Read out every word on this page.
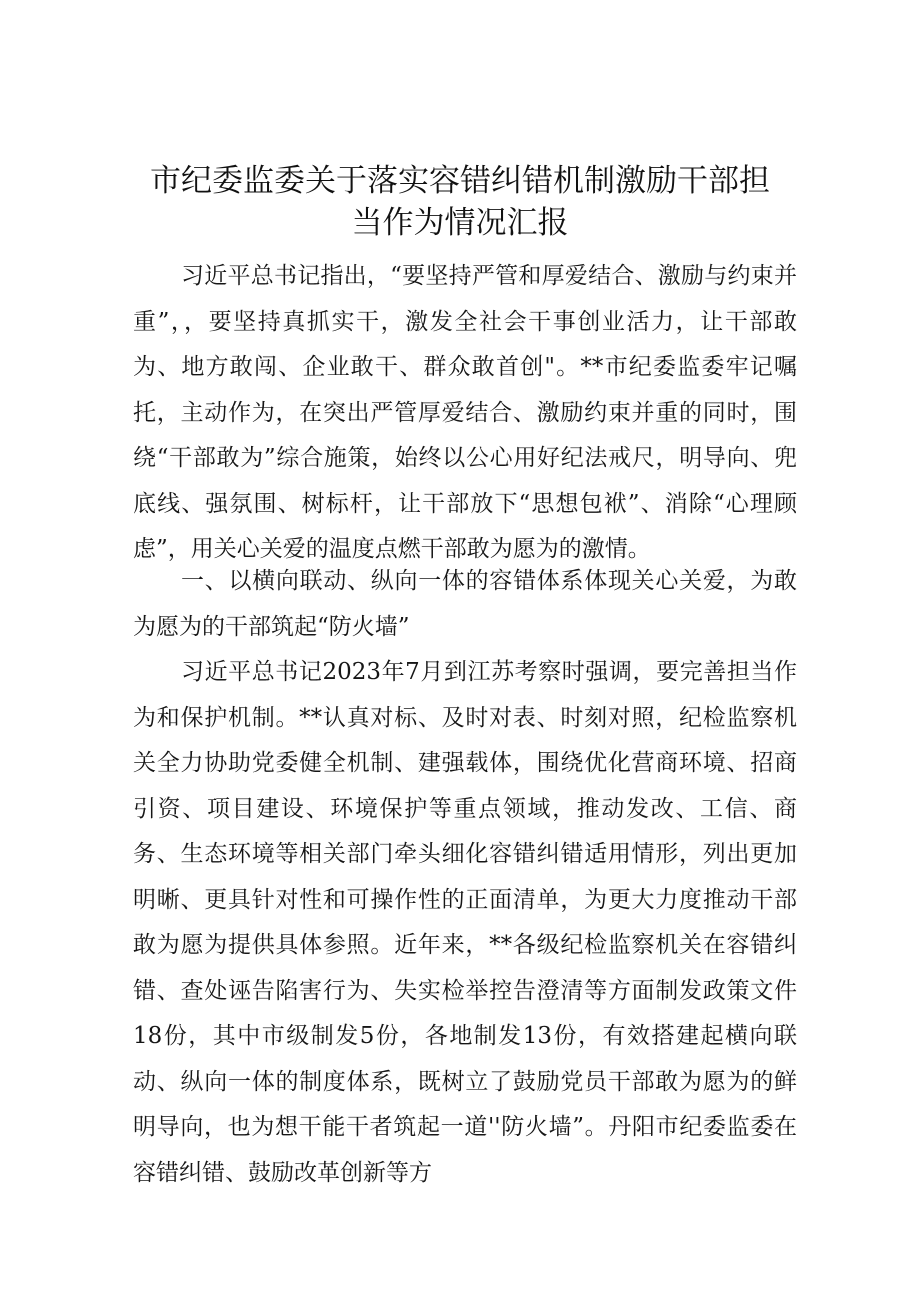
市纪委监委关于落实容错纠错机制激励干部担
当作为情况汇报

习近平总书记指出，“要坚持严管和厚爱结合、激励与约束并重”，，要坚持真抓实干，激发全社会干事创业活力，让干部敢为、地方敢闯、企业敢干、群众敢首创"。**市纪委监委牢记嘱托，主动作为，在突出严管厚爱结合、激励约束并重的同时，围绕“干部敢为”综合施策，始终以公心用好纪法戒尺，明导向、兜底线、强氛围、树标杆，让干部放下“思想包袱”、消除“心理顾虑”，用关心关爱的温度点燃干部敢为愿为的激情。

一、以横向联动、纵向一体的容错体系体现关心关爱，为敢为愿为的干部筑起“防火墙”

习近平总书记2023年7月到江苏考察时强调，要完善担当作为和保护机制。**认真对标、及时对表、时刻对照，纪检监察机关全力协助党委健全机制、建强载体，围绕优化营商环境、招商引资、项目建设、环境保护等重点领域，推动发改、工信、商务、生态环境等相关部门牵头细化容错纠错适用情形，列出更加明晰、更具针对性和可操作性的正面清单，为更大力度推动干部敢为愿为提供具体参照。近年来，**各级纪检监察机关在容错纠错、查处诬告陷害行为、失实检举控告澄清等方面制发政策文件18份，其中市级制发5份，各地制发13份，有效搭建起横向联动、纵向一体的制度体系，既树立了鼓励党员干部敢为愿为的鲜明导向，也为想干能干者筑起一道''防火墙”。丹阳市纪委监委在容错纠错、鼓励改革创新等方
